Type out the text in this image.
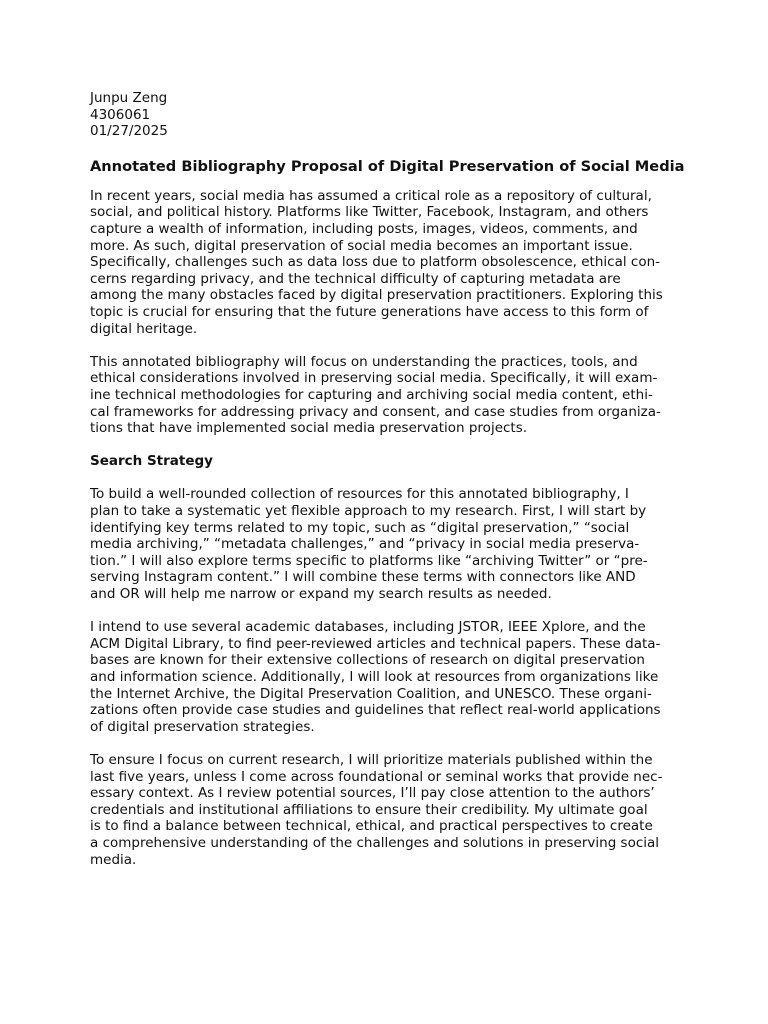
Junpu Zeng

4306061

01/27/2025

Annotated Bibliography Proposal of Digital Preservation of Social Media

In recent years, social media has assumed a critical role as a repository of cultural,
social, and political history. Platforms like Twitter, Facebook, Instagram, and others
capture a wealth of information, including posts, images, videos, comments, and
more. As such, digital preservation of social media becomes an important issue.
Specifically, challenges such as data loss due to platform obsolescence, ethical con-
cerns regarding privacy, and the technical difficulty of capturing metadata are
among the many obstacles faced by digital preservation practitioners. Exploring this
topic is crucial for ensuring that the future generations have access to this form of
digital heritage.

This annotated bibliography will focus on understanding the practices, tools, and
ethical considerations involved in preserving social media. Specifically, it will exam-
ine technical methodologies for capturing and archiving social media content, ethi-
cal frameworks for addressing privacy and consent, and case studies from organiza-
tions that have implemented social media preservation projects.

Search Strategy

To build a well-rounded collection of resources for this annotated bibliography, I
plan to take a systematic yet flexible approach to my research. First, I will start by
identifying key terms related to my topic, such as “digital preservation,” “social
media archiving,” “metadata challenges,” and “privacy in social media preserva-
tion.” I will also explore terms specific to platforms like “archiving Twitter” or “pre-
serving Instagram content.” I will combine these terms with connectors like AND
and OR will help me narrow or expand my search results as needed.

I intend to use several academic databases, including JSTOR, IEEE Xplore, and the
ACM Digital Library, to find peer-reviewed articles and technical papers. These data-
bases are known for their extensive collections of research on digital preservation
and information science. Additionally, I will look at resources from organizations like
the Internet Archive, the Digital Preservation Coalition, and UNESCO. These organi-
zations often provide case studies and guidelines that reflect real-world applications
of digital preservation strategies.

To ensure I focus on current research, I will prioritize materials published within the
last five years, unless I come across foundational or seminal works that provide nec-
essary context. As I review potential sources, I’ll pay close attention to the authors’
credentials and institutional affiliations to ensure their credibility. My ultimate goal
is to find a balance between technical, ethical, and practical perspectives to create
a comprehensive understanding of the challenges and solutions in preserving social
media.
